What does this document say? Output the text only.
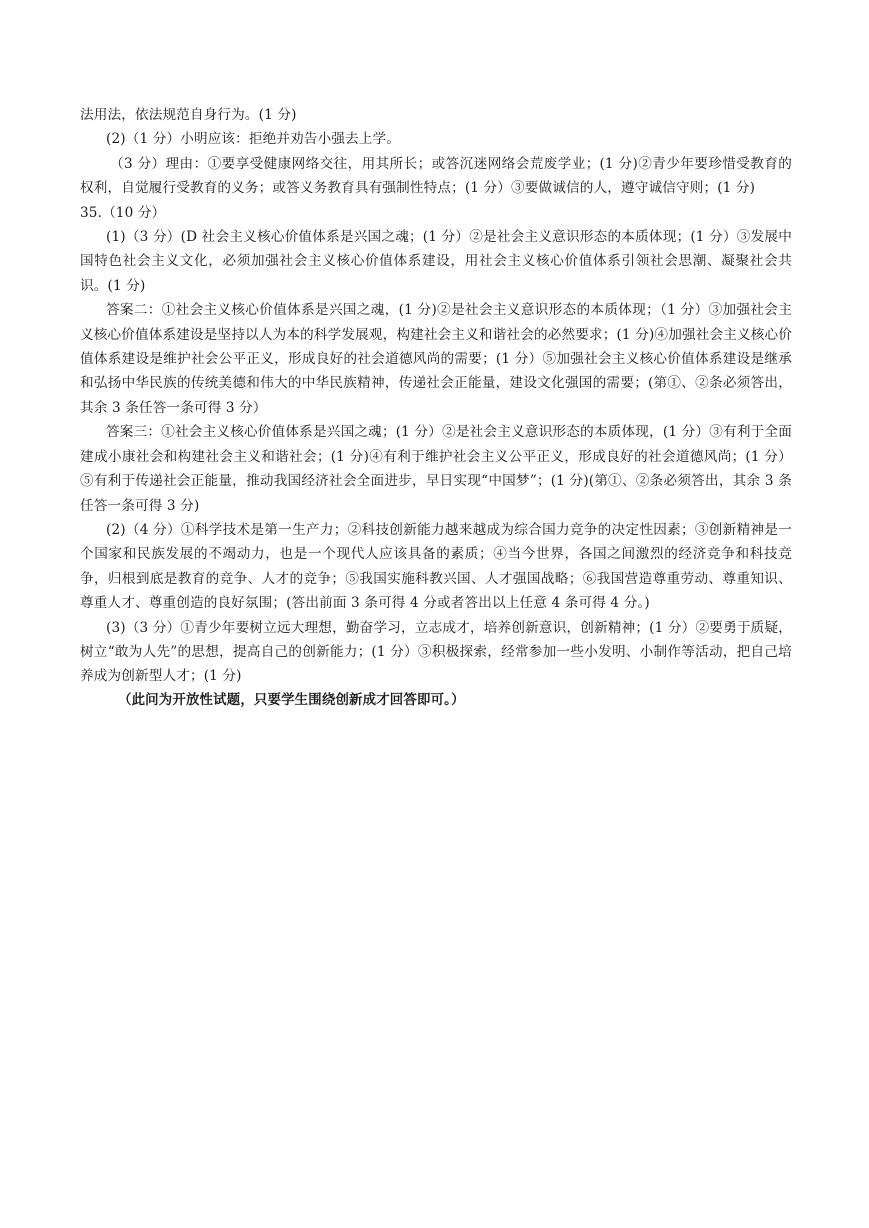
法用法，依法规范自身行为。(1 分)

(2)（1 分）小明应该：拒绝并劝告小强去上学。

（3 分）理由：①要享受健康网络交往，用其所长；或答沉迷网络会荒废学业；(1 分)②青少年要珍惜受教育的权利，自觉履行受教育的义务；或答义务教育具有强制性特点；(1 分）③要做诚信的人，遵守诚信守则；(1 分)

35.（10 分）

(1)（3 分）(D 社会主义核心价值体系是兴国之魂；(1 分）②是社会主义意识形态的本质体现；(1 分）③发展中国特色社会主义文化，必须加强社会主义核心价值体系建设，用社会主义核心价值体系引领社会思潮、凝聚社会共识。(1 分)

答案二：①社会主义核心价值体系是兴国之魂，(1 分)②是社会主义意识形态的本质体现；（1 分）③加强社会主义核心价值体系建设是坚持以人为本的科学发展观，构建社会主义和谐社会的必然要求；(1 分)④加强社会主义核心价值体系建设是维护社会公平正义，形成良好的社会道德风尚的需要；(1 分）⑤加强社会主义核心价值体系建设是继承和弘扬中华民族的传统美德和伟大的中华民族精神，传递社会正能量，建设文化强国的需要；(第①、②条必须答出，其余 3 条任答一条可得 3 分）

答案三：①社会主义核心价值体系是兴国之魂；(1 分）②是社会主义意识形态的本质体现，(1 分）③有利于全面建成小康社会和构建社会主义和谐社会；(1 分)④有利于维护社会主义公平正义，形成良好的社会道德风尚；(1 分）⑤有利于传递社会正能量，推动我国经济社会全面进步，早日实现“中国梦”；(1 分)(第①、②条必须答出，其余 3 条任答一条可得 3 分)

(2)（4 分）①科学技术是第一生产力；②科技创新能力越来越成为综合国力竞争的决定性因素；③创新精神是一个国家和民族发展的不竭动力，也是一个现代人应该具备的素质；④当今世界，各国之间激烈的经济竞争和科技竞争，归根到底是教育的竞争、人才的竞争；⑤我国实施科教兴国、人才强国战略；⑥我国营造尊重劳动、尊重知识、尊重人才、尊重创造的良好氛围；(答出前面 3 条可得 4 分或者答出以上任意 4 条可得 4 分。)

(3)（3 分）①青少年要树立远大理想，勤奋学习，立志成才，培养创新意识，创新精神；(1 分）②要勇于质疑，树立“敢为人先”的思想，提高自己的创新能力；(1 分）③积极探索，经常参加一些小发明、小制作等活动，把自己培养成为创新型人才；(1 分)

（此问为开放性试题，只要学生围绕创新成才回答即可。）
